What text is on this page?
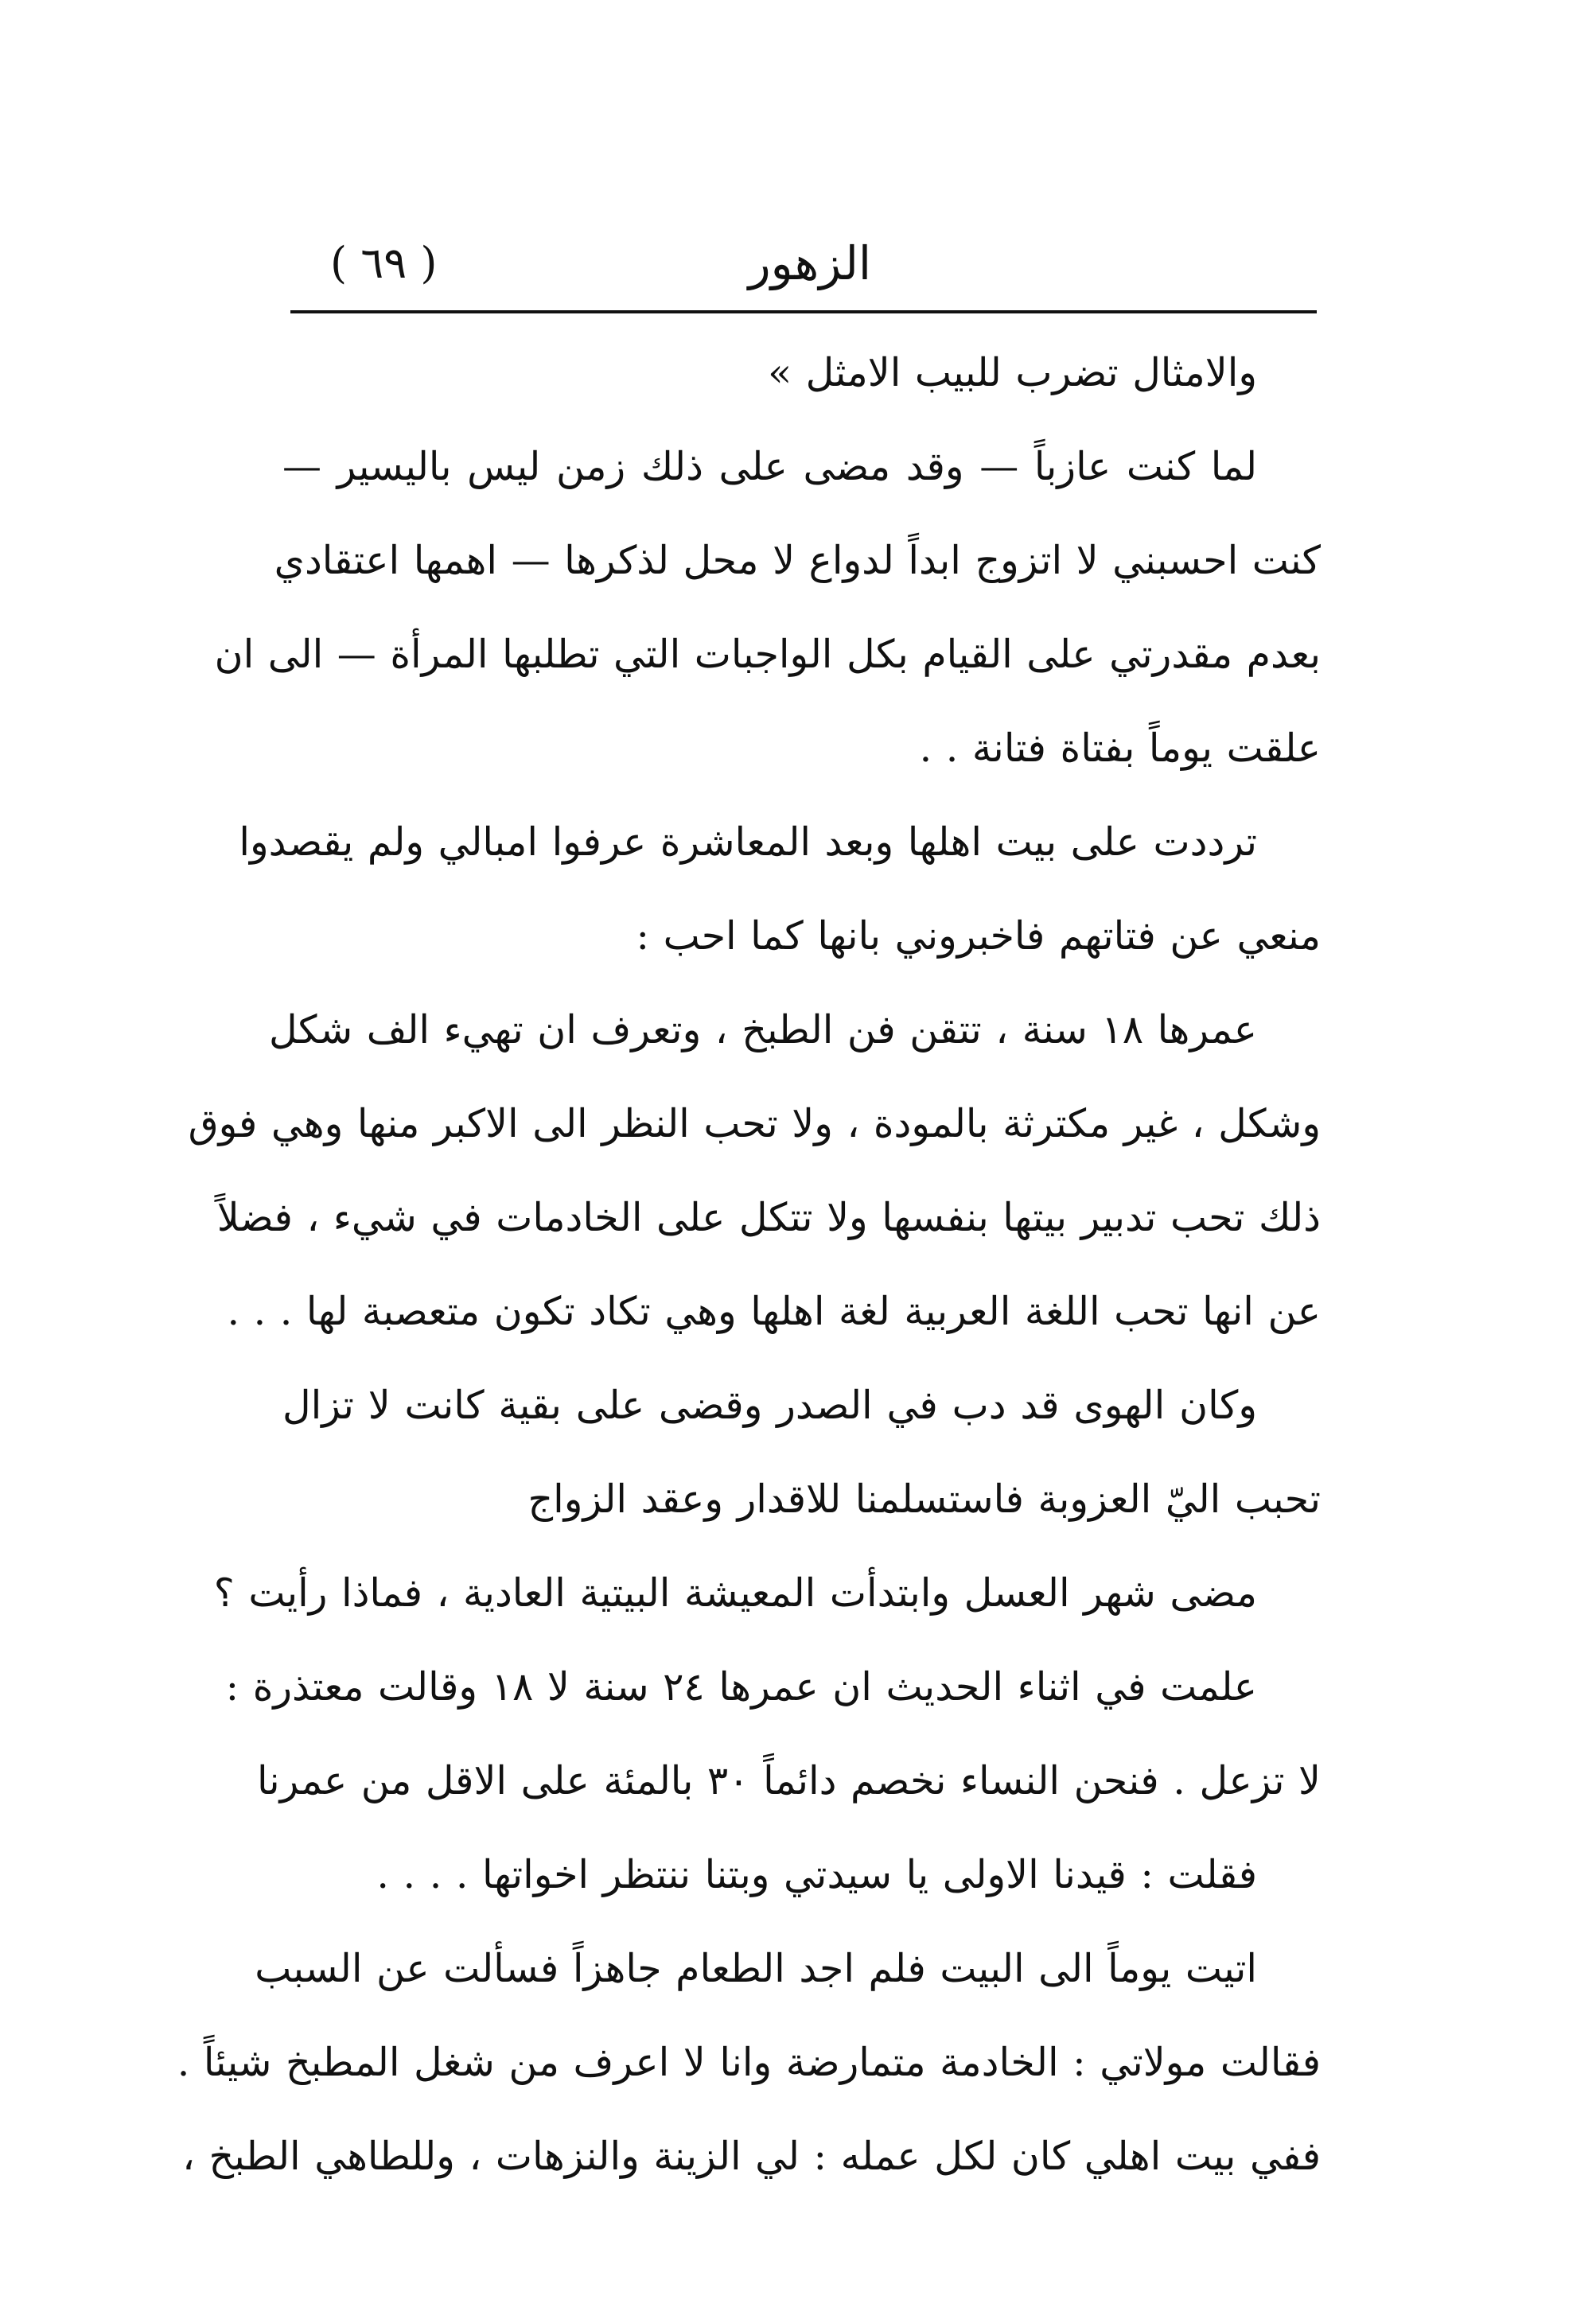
الزهور
( ٦٩ )
والامثال تضرب للبيب الامثل »
لما كنت عازباً — وقد مضى على ذلك زمن ليس باليسير —
كنت احسبني لا اتزوج ابداً لدواع لا محل لذكرها — اهمها اعتقادي
بعدم مقدرتي على القيام بكل الواجبات التي تطلبها المرأة — الى ان
علقت يوماً بفتاة فتانة . .
ترددت على بيت اهلها وبعد المعاشرة عرفوا امبالي ولم يقصدوا
منعي عن فتاتهم فاخبروني بانها كما احب :
عمرها ١٨ سنة ، تتقن فن الطبخ ، وتعرف ان تهيء الف شكل
وشكل ، غير مكترثة بالمودة ، ولا تحب النظر الى الاكبر منها وهي فوق
ذلك تحب تدبير بيتها بنفسها ولا تتكل على الخادمات في شيء ، فضلاً
عن انها تحب اللغة العربية لغة اهلها وهي تكاد تكون متعصبة لها . . .
وكان الهوى قد دب في الصدر وقضى على بقية كانت لا تزال
تحبب اليّ العزوبة فاستسلمنا للاقدار وعقد الزواج
مضى شهر العسل وابتدأت المعيشة البيتية العادية ، فماذا رأيت ؟
علمت في اثناء الحديث ان عمرها ٢٤ سنة لا ١٨ وقالت معتذرة :
لا تزعل . فنحن النساء نخصم دائماً ٣٠ بالمئة على الاقل من عمرنا
فقلت : قيدنا الاولى يا سيدتي وبتنا ننتظر اخواتها . . . .
اتيت يوماً الى البيت فلم اجد الطعام جاهزاً فسألت عن السبب
فقالت مولاتي : الخادمة متمارضة وانا لا اعرف من شغل المطبخ شيئاً .
ففي بيت اهلي كان لكل عمله : لي الزينة والنزهات ، وللطاهي الطبخ ،
